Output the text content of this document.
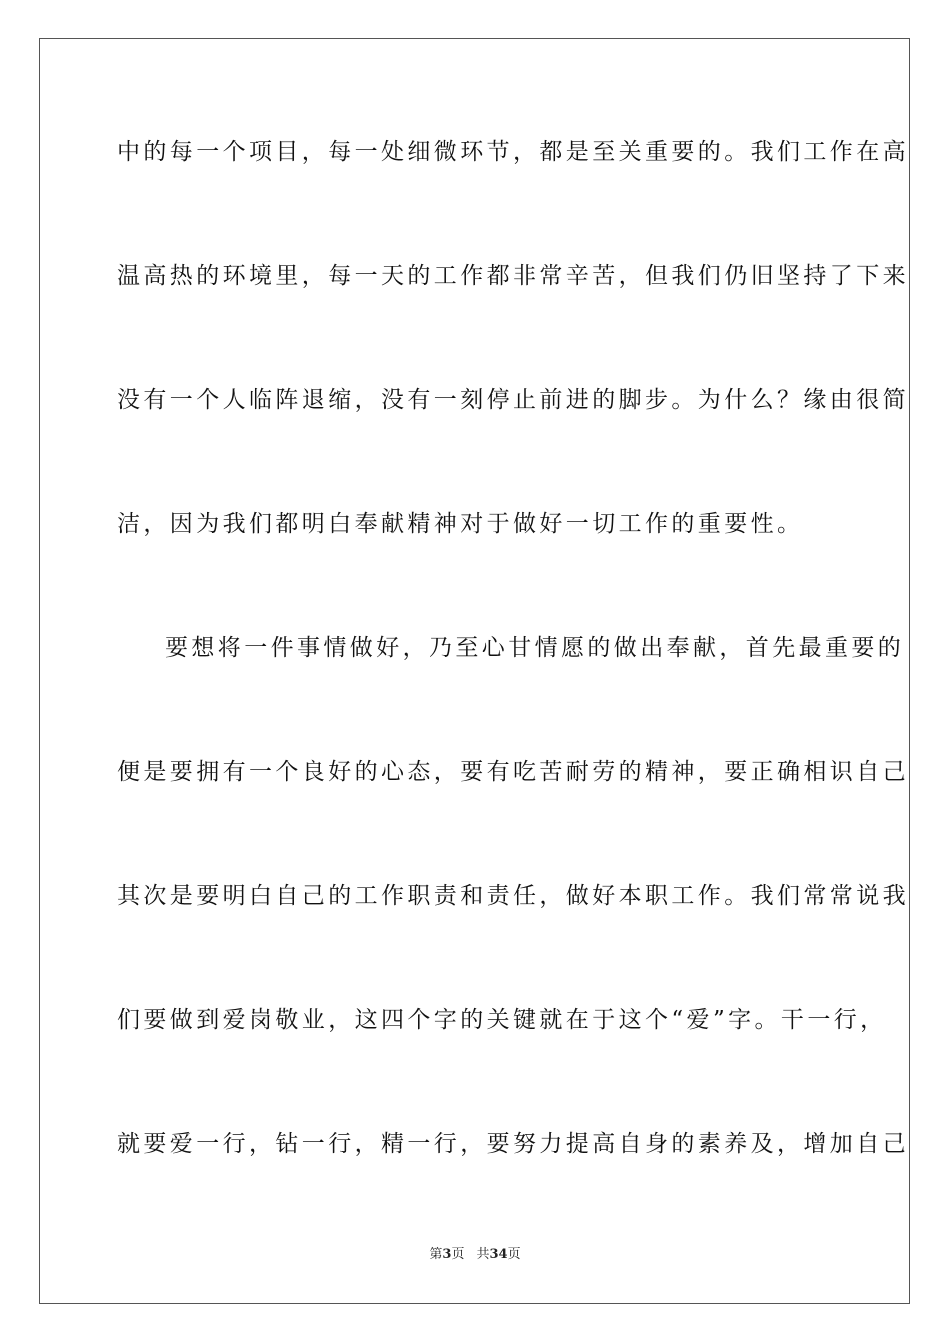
中的每一个项目，每一处细微环节，都是至关重要的。我们工作在高
温高热的环境里，每一天的工作都非常辛苦，但我们仍旧坚持了下来
没有一个人临阵退缩，没有一刻停止前进的脚步。为什么？缘由很简
洁，因为我们都明白奉献精神对于做好一切工作的重要性。
要想将一件事情做好，乃至心甘情愿的做出奉献，首先最重要的
便是要拥有一个良好的心态，要有吃苦耐劳的精神，要正确相识自己
其次是要明白自己的工作职责和责任，做好本职工作。我们常常说我
们要做到爱岗敬业，这四个字的关键就在于这个“爱”字。干一行，
就要爱一行，钻一行，精一行，要努力提高自身的素养及，增加自己
第3页 共34页
